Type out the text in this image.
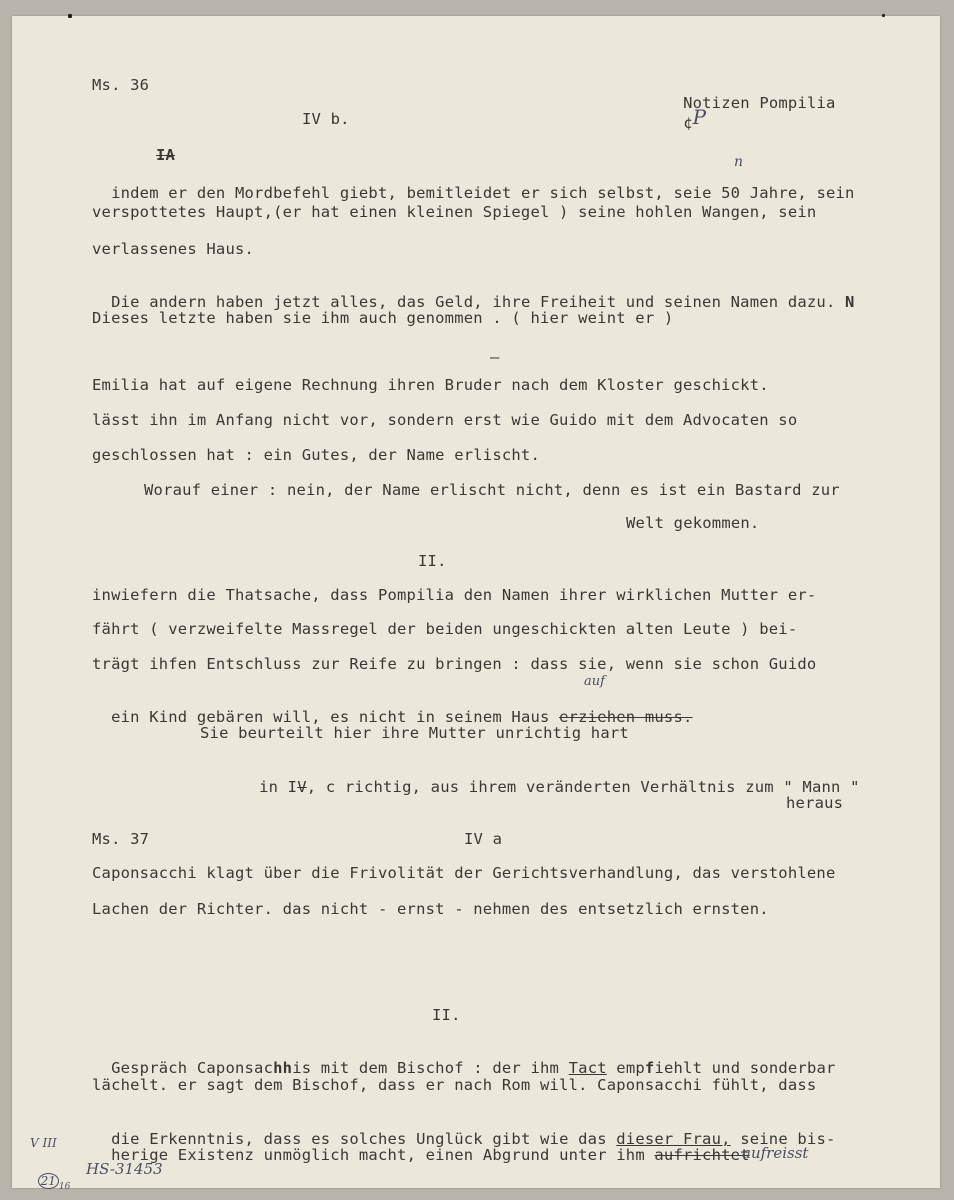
Ms. 36

Notizen Pompilia
¢P

IV b.
IA

indem er den Mordbefehl giebt, bemitleidet er sich selbst, seie 50 Jahre, sein

n
verspottetes Haupt,(er hat einen kleinen Spiegel ) seine hohlen Wangen, sein
verlassenes Haus.

Die andern haben jetzt alles, das Geld, ihre Freiheit und seinen Namen dazu. N

Dieses letzte haben sie ihm auch genommen . ( hier weint er )
—
Emilia hat auf eigene Rechnung ihren Bruder nach dem Kloster geschickt.
lässt ihn im Anfang nicht vor, sondern erst wie Guido mit dem Advocaten so
geschlossen hat : ein Gutes, der Name erlischt.
Worauf einer : nein, der Name erlischt nicht, denn es ist ein Bastard zur
Welt gekommen.
II.
inwiefern die Thatsache, dass Pompilia den Namen ihrer wirklichen Mutter er-
fährt ( verzweifelte Massregel der beiden ungeschickten alten Leute ) bei-
trägt ihfen Entschluss zur Reife zu bringen : dass sie, wenn sie schon Guido

ein Kind gebären will, es nicht in seinem Haus erziehen muss.

auf
Sie beurteilt hier ihre Mutter unrichtig hart

in IV, c richtig, aus ihrem veränderten Verhältnis zum " Mann "

heraus
Ms. 37	IV a
Caponsacchi klagt über die Frivolität der Gerichtsverhandlung, das verstohlene
Lachen der Richter. das nicht - ernst - nehmen des entsetzlich ernsten.
II.

Gespräch Caponsachhis mit dem Bischof : der ihm Tact empfiehlt und sonderbar

lächelt. er sagt dem Bischof, dass er nach Rom will. Caponsacchi fühlt, dass

die Erkenntnis, dass es solches Unglück gibt wie das dieser Frau, seine bis-

herige Existenz unmöglich macht, einen Abgrund unter ihm aufrichtet

aufreisst
V III

21 $_{16}$

HS-31453
